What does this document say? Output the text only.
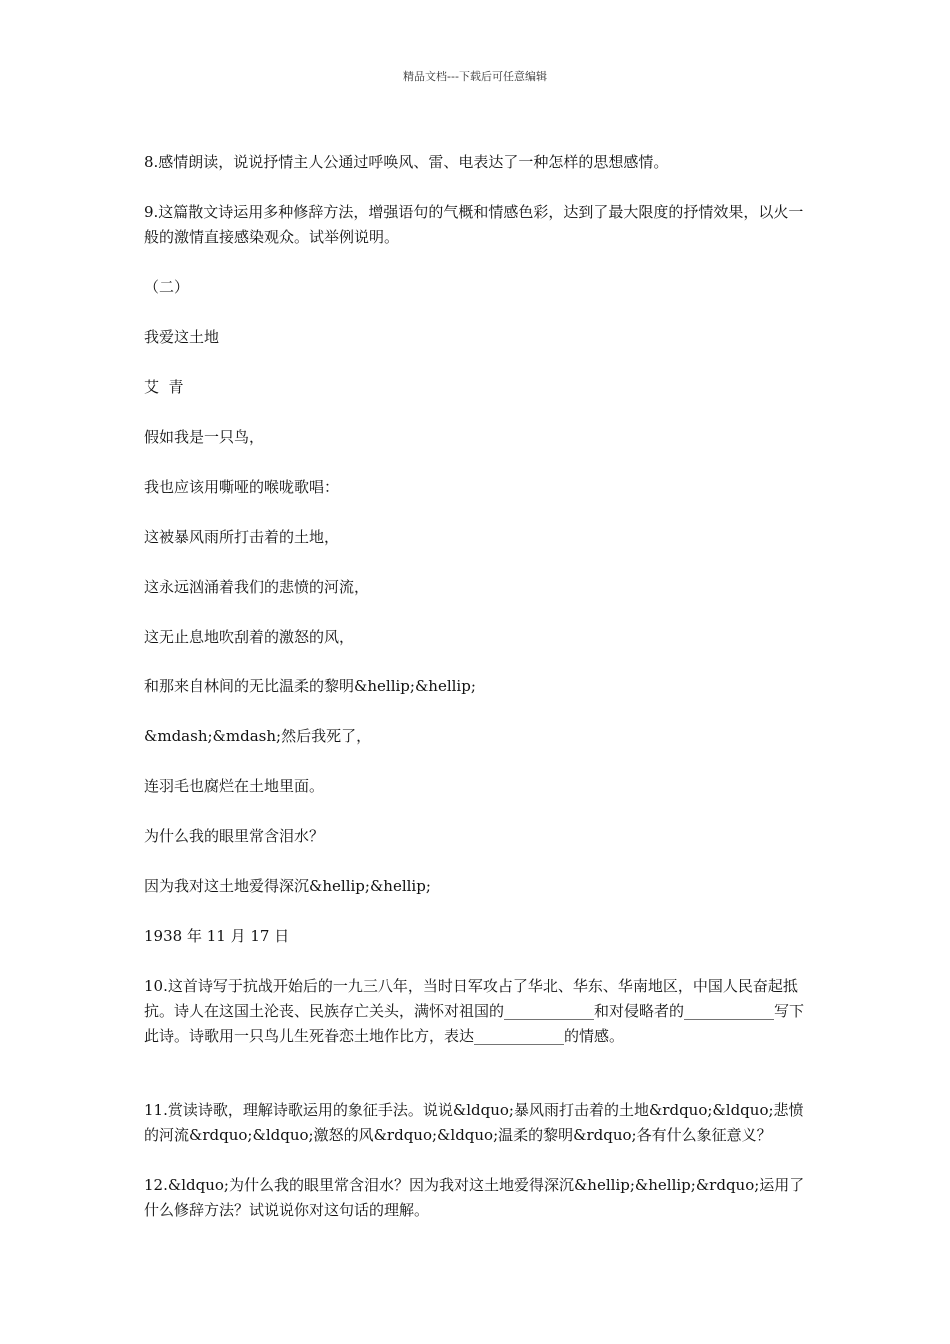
精品文档---下载后可任意编辑

8.感情朗读，说说抒情主人公通过呼唤风、雷、电表达了一种怎样的思想感情。

9.这篇散文诗运用多种修辞方法，增强语句的气概和情感色彩，达到了最大限度的抒情效果，以火一般的激情直接感染观众。试举例说明。

（二）

我爱这土地

艾  青

假如我是一只鸟，

我也应该用嘶哑的喉咙歌唱：

这被暴风雨所打击着的土地，

这永远汹涌着我们的悲愤的河流，

这无止息地吹刮着的激怒的风，

和那来自林间的无比温柔的黎明&hellip;&hellip;

&mdash;&mdash;然后我死了，

连羽毛也腐烂在土地里面。

为什么我的眼里常含泪水？

因为我对这土地爱得深沉&hellip;&hellip;

1938 年 11 月 17 日

10.这首诗写于抗战开始后的一九三八年，当时日军攻占了华北、华东、华南地区，中国人民奋起抵抗。诗人在这国土沦丧、民族存亡关头，满怀对祖国的____________和对侵略者的____________写下此诗。诗歌用一只鸟儿生死眷恋土地作比方，表达____________的情感。

11.赏读诗歌，理解诗歌运用的象征手法。说说&ldquo;暴风雨打击着的土地&rdquo;&ldquo;悲愤的河流&rdquo;&ldquo;激怒的风&rdquo;&ldquo;温柔的黎明&rdquo;各有什么象征意义？

12.&ldquo;为什么我的眼里常含泪水？因为我对这土地爱得深沉&hellip;&hellip;&rdquo;运用了什么修辞方法？试说说你对这句话的理解。
